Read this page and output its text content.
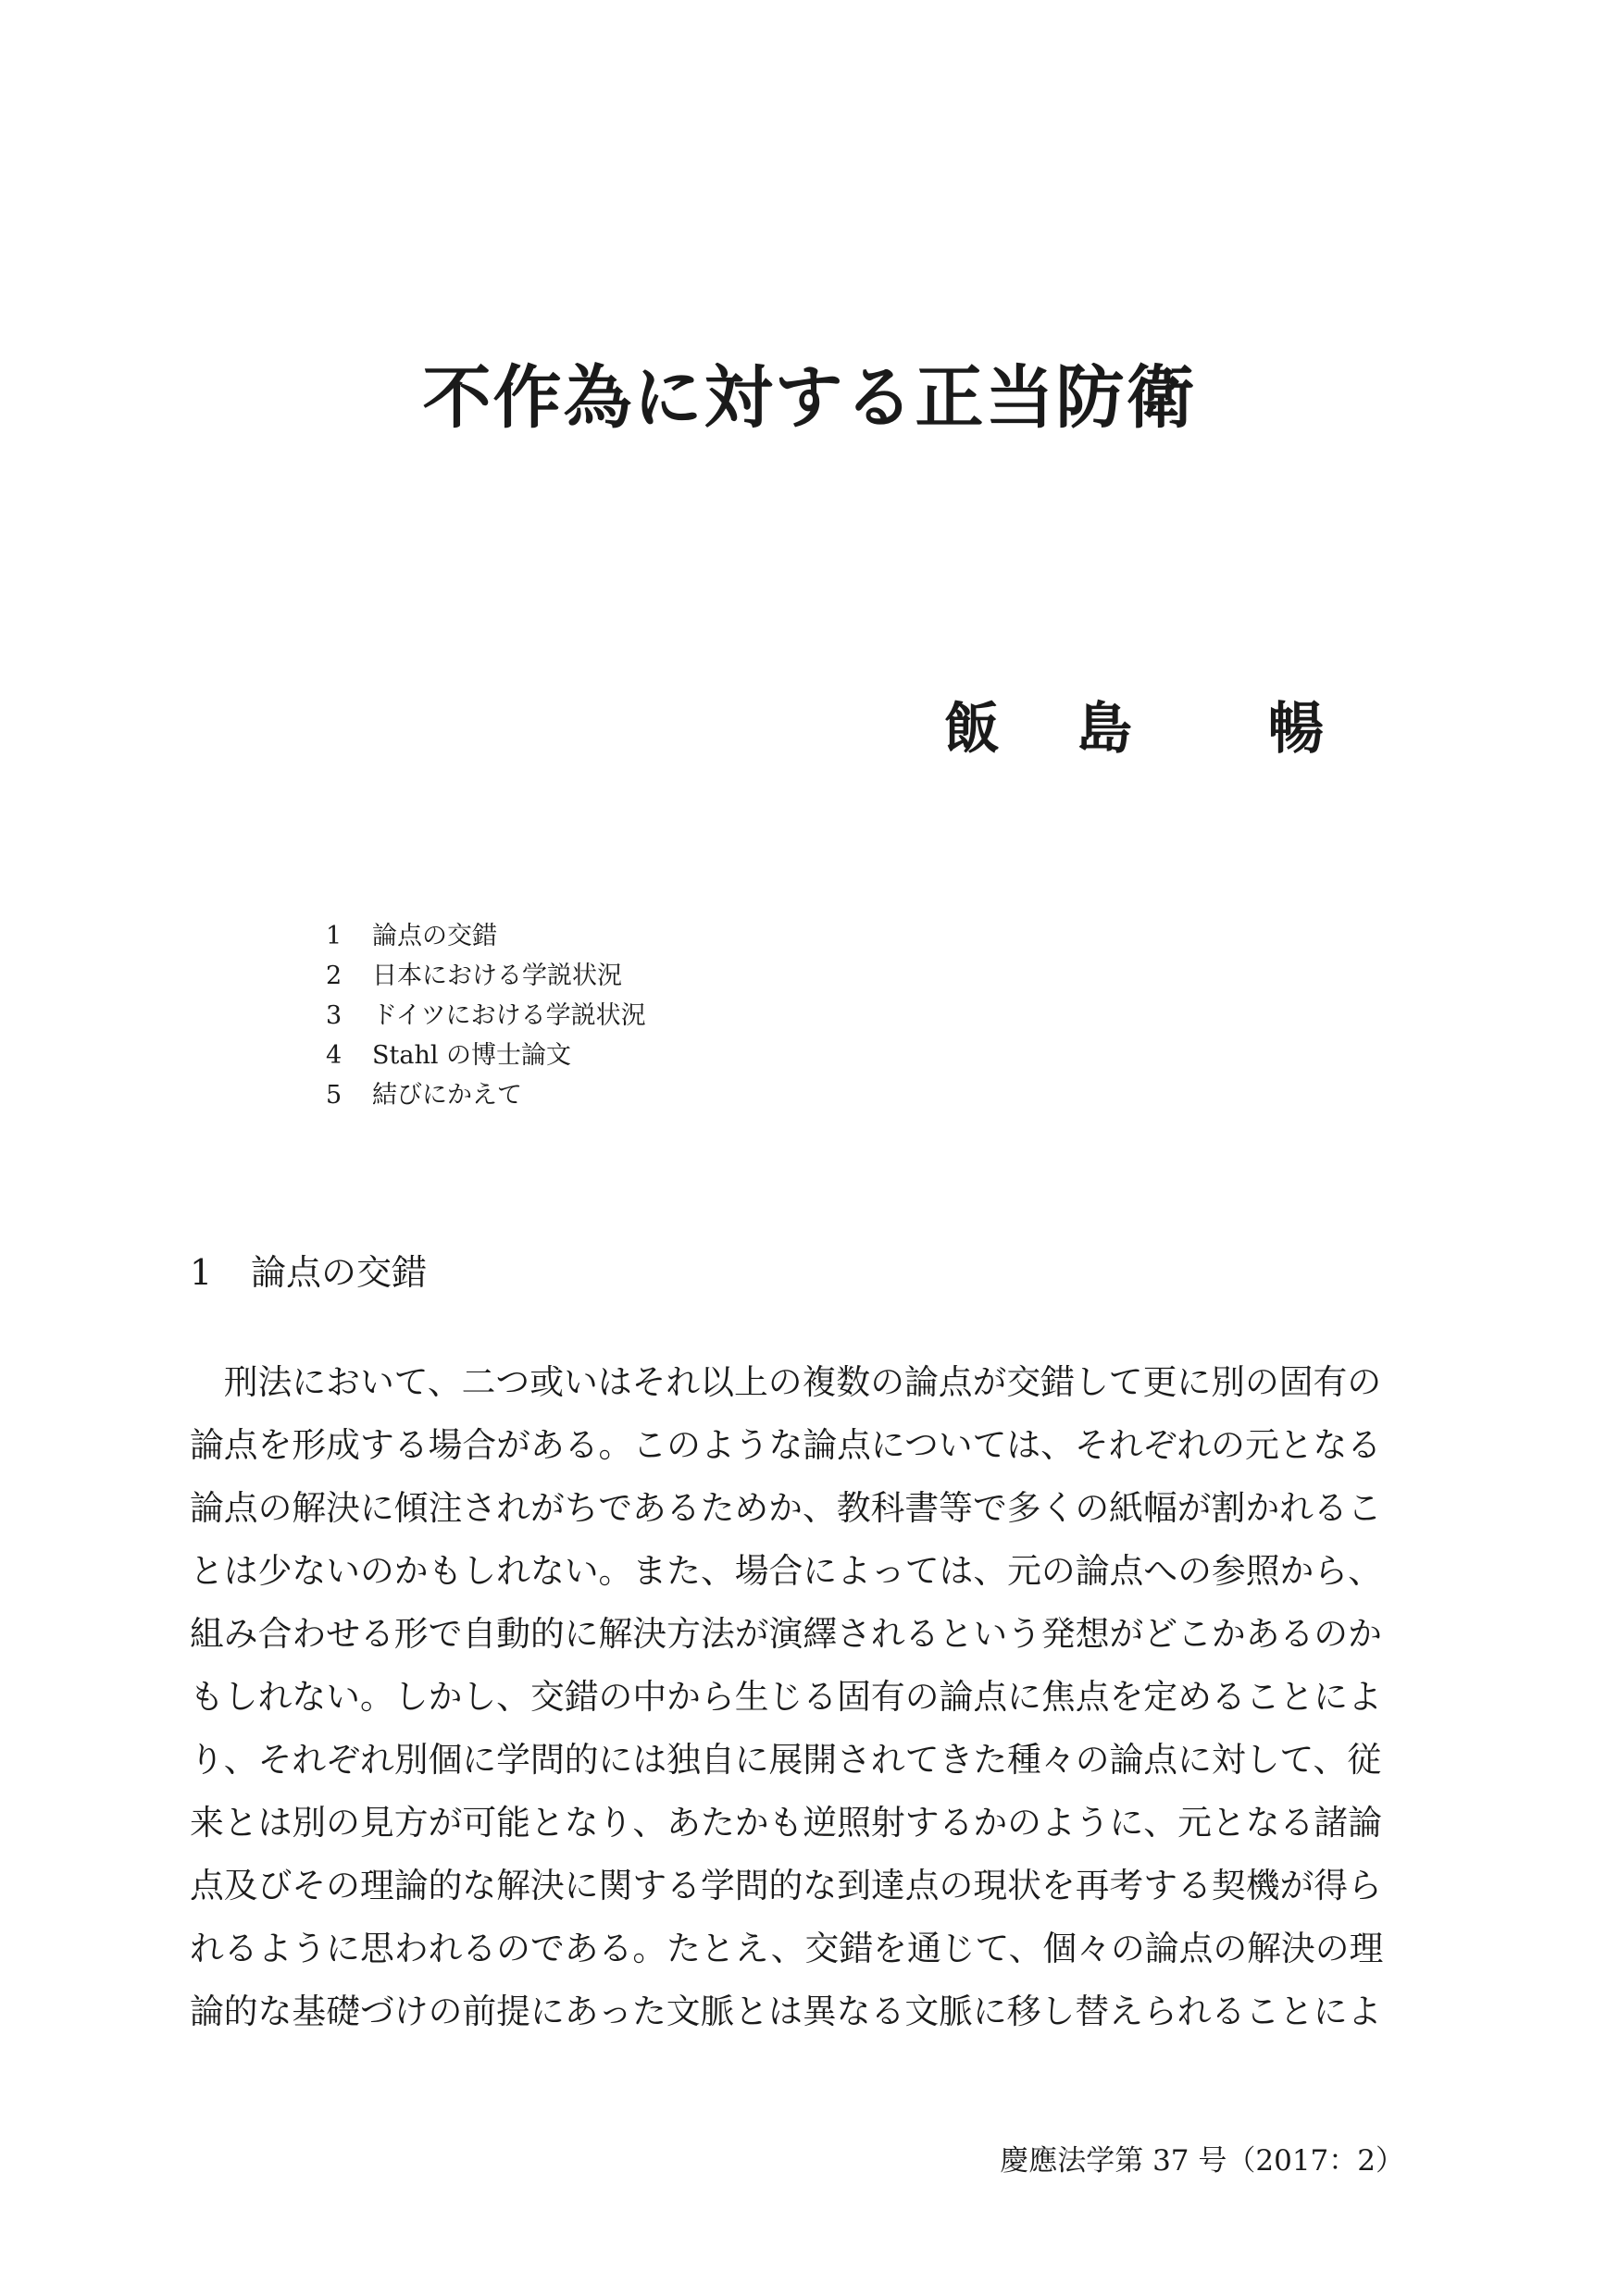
不作為に対する正当防衛
飯 島 暢
1 論点の交錯
2 日本における学説状況
3 ドイツにおける学説状況
4 Stahl の博士論文
5 結びにかえて
1 論点の交錯
　刑法において、二つ或いはそれ以上の複数の論点が交錯して更に別の固有の
論点を形成する場合がある。このような論点については、それぞれの元となる
論点の解決に傾注されがちであるためか、教科書等で多くの紙幅が割かれるこ
とは少ないのかもしれない。また、場合によっては、元の論点への参照から、
組み合わせる形で自動的に解決方法が演繹されるという発想がどこかあるのか
もしれない。しかし、交錯の中から生じる固有の論点に焦点を定めることによ
り、それぞれ別個に学問的には独自に展開されてきた種々の論点に対して、従
来とは別の見方が可能となり、あたかも逆照射するかのように、元となる諸論
点及びその理論的な解決に関する学問的な到達点の現状を再考する契機が得ら
れるように思われるのである。たとえ、交錯を通じて、個々の論点の解決の理
論的な基礎づけの前提にあった文脈とは異なる文脈に移し替えられることによ
慶應法学第 37 号（2017：2）
